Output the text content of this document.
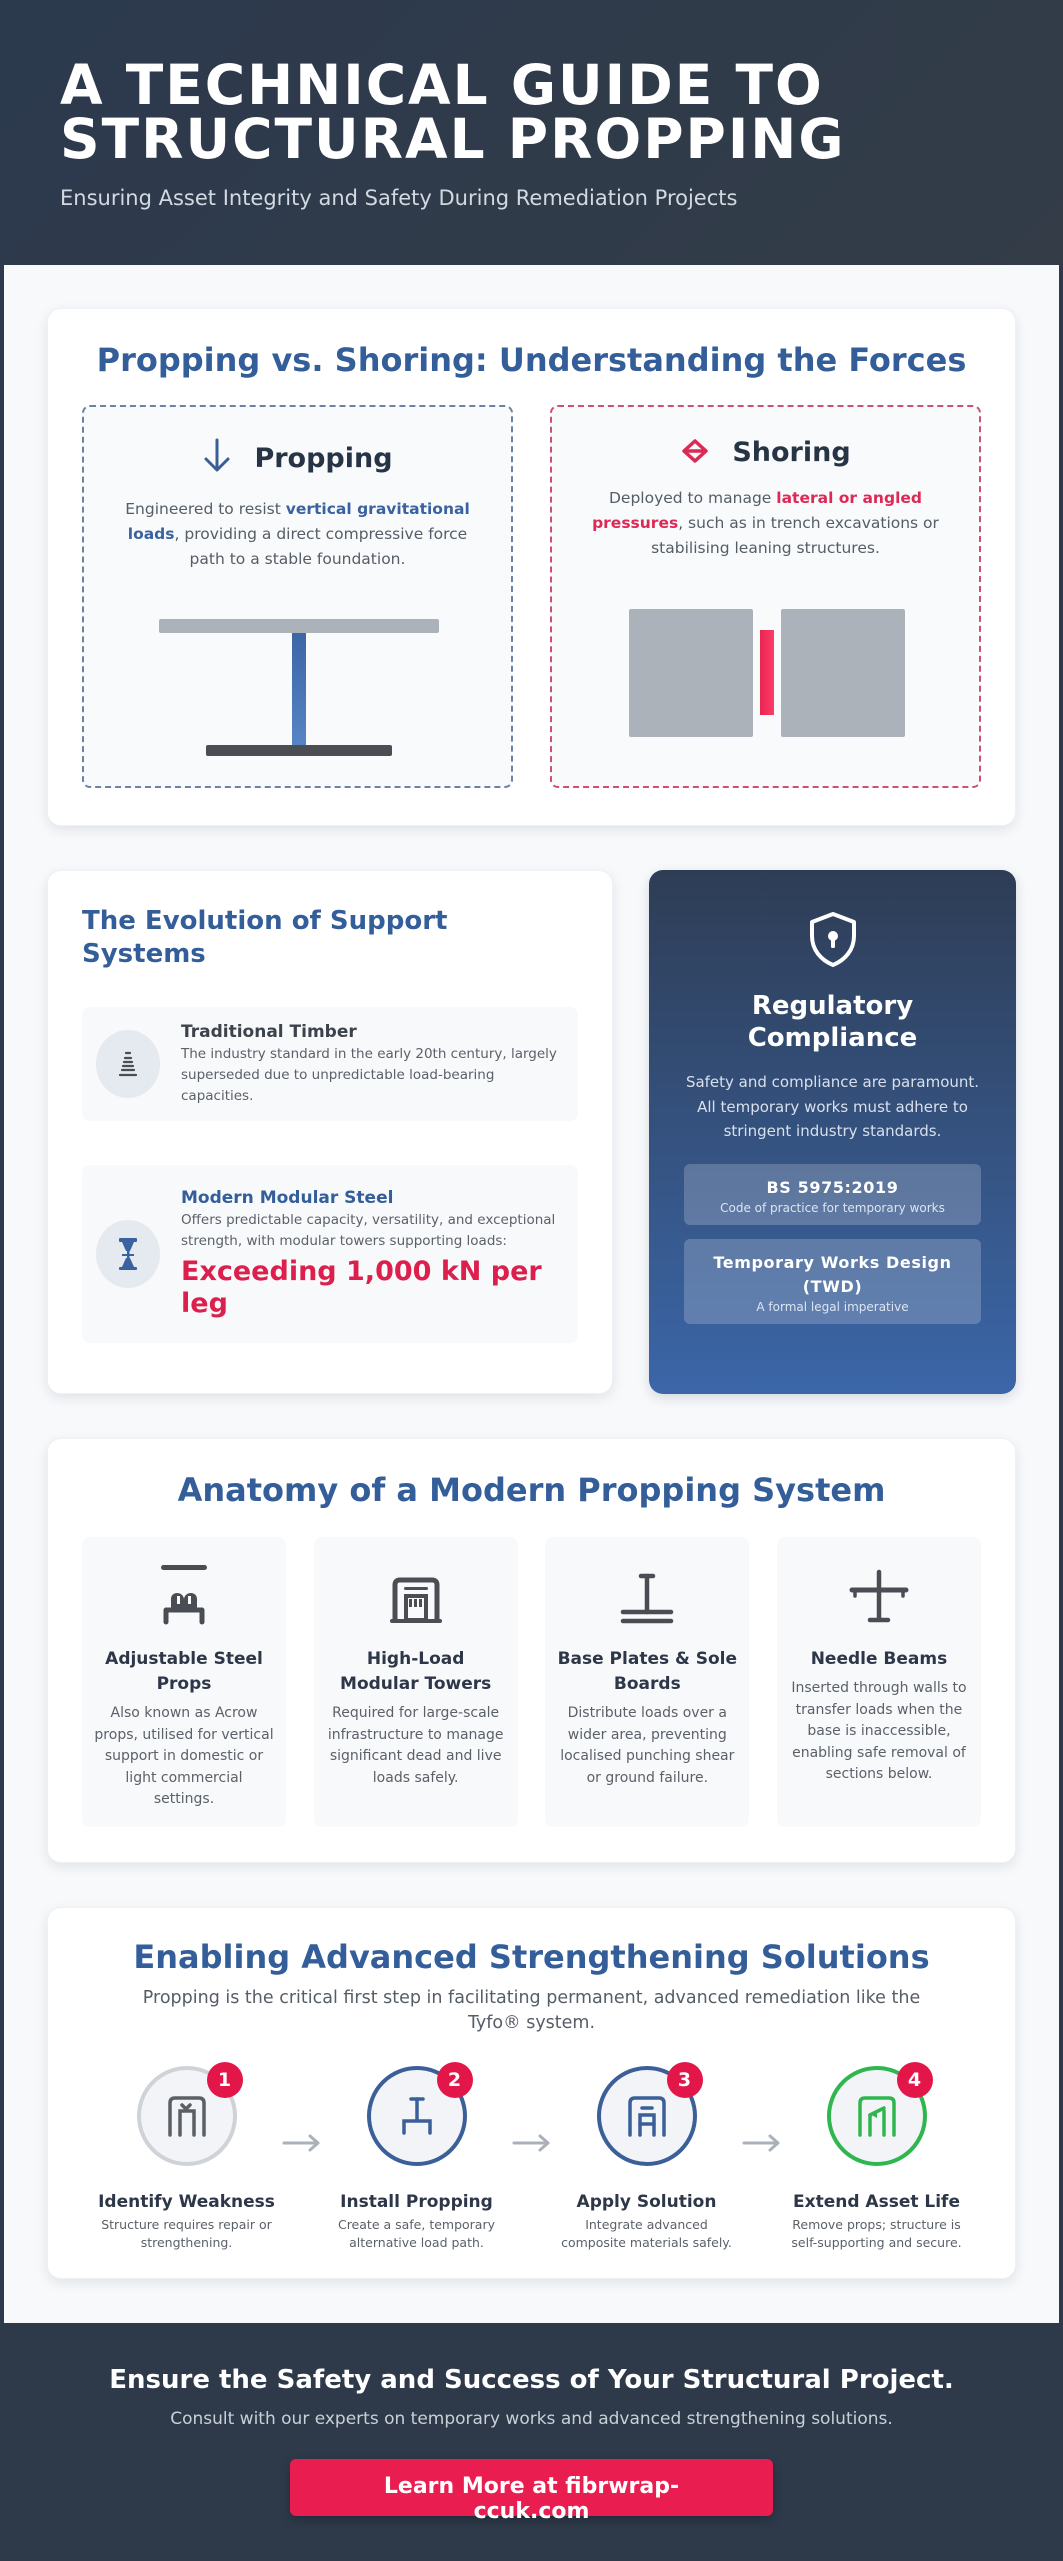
A TECHNICAL GUIDE TO
STRUCTURAL PROPPING

Ensuring Asset Integrity and Safety During Remediation Projects

Propping vs. Shoring: Understanding the Forces
Propping

Engineered to resist vertical gravitational loads, providing a direct compressive force path to a stable foundation.

Shoring

Deployed to manage lateral or angled pressures, such as in trench excavations or stabilising leaning structures.

The Evolution of Support Systems
Traditional Timber
The industry standard in the early 20th century, largely superseded due to unpredictable load-bearing capacities.
Modern Modular Steel
Offers predictable capacity, versatility, and exceptional strength, with modular towers supporting loads:
Exceeding 1,000 kN per leg
Regulatory Compliance

Safety and compliance are paramount. All temporary works must adhere to stringent industry standards.

BS 5975:2019
Code of practice for temporary works
Temporary Works Design (TWD)
A formal legal imperative
Anatomy of a Modern Propping System
Adjustable Steel Props
Also known as Acrow props, utilised for vertical support in domestic or light commercial settings.
High-Load Modular Towers
Required for large-scale infrastructure to manage significant dead and live loads safely.
Base Plates & Sole Boards
Distribute loads over a wider area, preventing localised punching shear or ground failure.
Needle Beams
Inserted through walls to transfer loads when the base is inaccessible, enabling safe removal of sections below.
Enabling Advanced Strengthening Solutions

Propping is the critical first step in facilitating permanent, advanced remediation like the Tyfo® system.

1
Identify Weakness
Structure requires repair or strengthening.
2
Install Propping
Create a safe, temporary alternative load path.
3
Apply Solution
Integrate advanced composite materials safely.
4
Extend Asset Life
Remove props; structure is self-supporting and secure.
Ensure the Safety and Success of Your Structural Project.
Consult with our experts on temporary works and advanced strengthening solutions.
Learn More at fibrwrap-ccuk.com
